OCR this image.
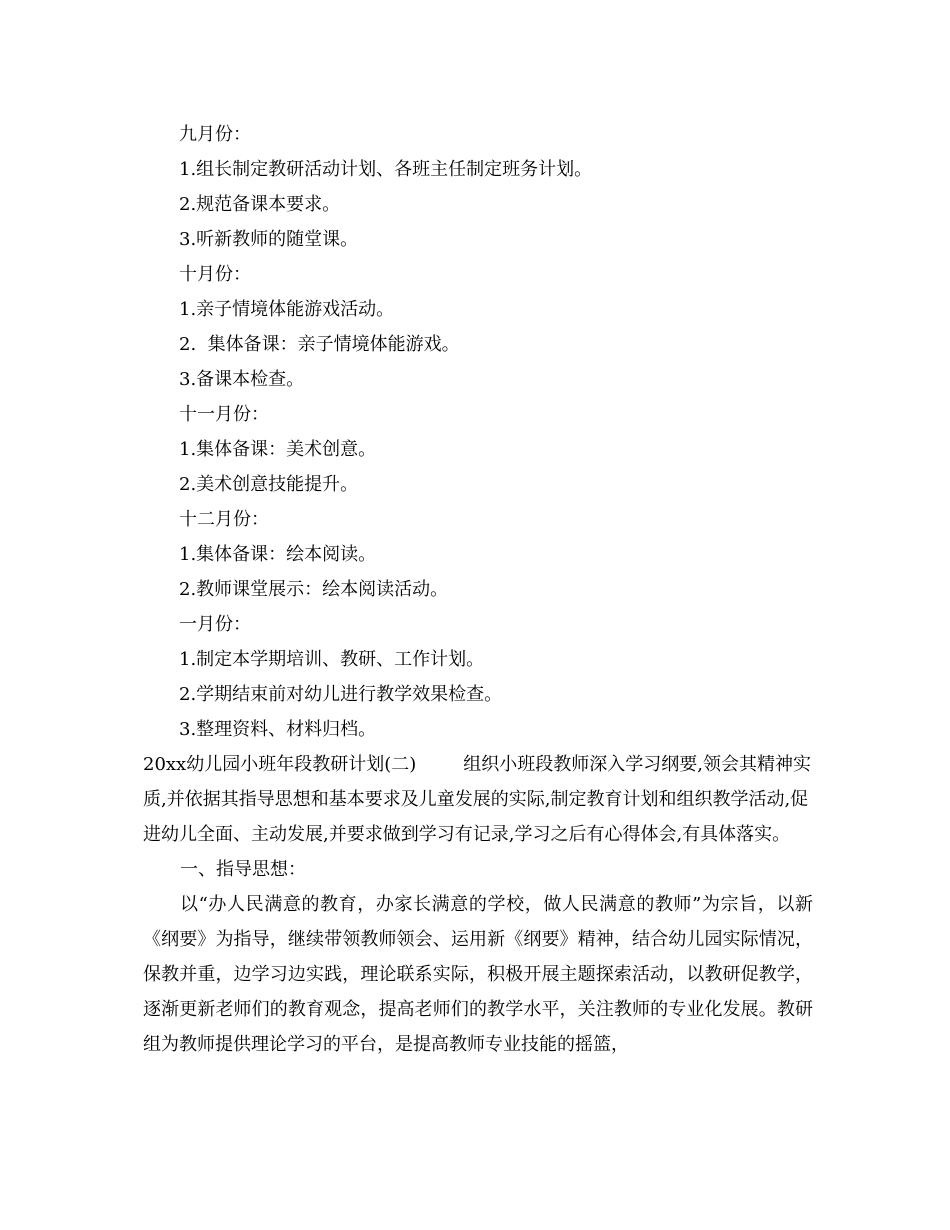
九月份：
1.组长制定教研活动计划、各班主任制定班务计划。
2.规范备课本要求。
3.听新教师的随堂课。
十月份：
1.亲子情境体能游戏活动。
2.  集体备课：亲子情境体能游戏。
3.备课本检查。
十一月份：
1.集体备课：美术创意。
2.美术创意技能提升。
十二月份：
1.集体备课：绘本阅读。
2.教师课堂展示：绘本阅读活动。
一月份：
1.制定本学期培训、教研、工作计划。
2.学期结束前对幼儿进行教学效果检查。
3.整理资料、材料归档。
20xx幼儿园小班年段教研计划(二)	组织小班段教师深入学习纲要,领会其精神实质,并依据其指导思想和基本要求及儿童发展的实际,制定教育计划和组织教学活动,促进幼儿全面、主动发展,并要求做到学习有记录,学习之后有心得体会,有具体落实。
一、指导思想：
以“办人民满意的教育，办家长满意的学校，做人民满意的教师”为宗旨，以新《纲要》为指导，继续带领教师领会、运用新《纲要》精神，结合幼儿园实际情况，保教并重，边学习边实践，理论联系实际，积极开展主题探索活动，以教研促教学，逐渐更新老师们的教育观念，提高老师们的教学水平，关注教师的专业化发展。教研组为教师提供理论学习的平台，是提高教师专业技能的摇篮，
